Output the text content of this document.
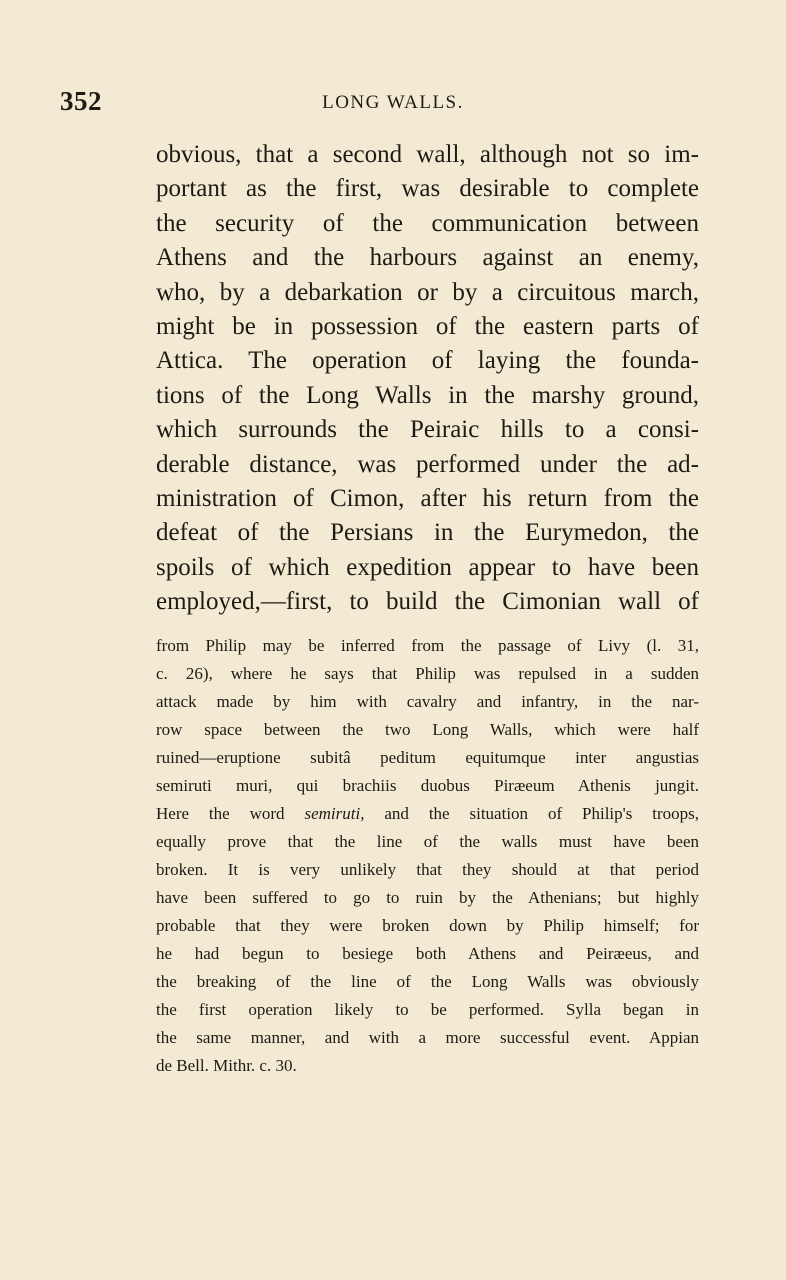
352	LONG WALLS.
obvious, that a second wall, although not so im-
portant as the first, was desirable to complete
the security of the communication between
Athens and the harbours against an enemy,
who, by a debarkation or by a circuitous march,
might be in possession of the eastern parts of
Attica. The operation of laying the founda-
tions of the Long Walls in the marshy ground,
which surrounds the Peiraic hills to a consi-
derable distance, was performed under the ad-
ministration of Cimon, after his return from the
defeat of the Persians in the Eurymedon, the
spoils of which expedition appear to have been
employed,—first, to build the Cimonian wall of
from Philip may be inferred from the passage of Livy (l. 31,
c. 26), where he says that Philip was repulsed in a sudden
attack made by him with cavalry and infantry, in the nar-
row space between the two Long Walls, which were half
ruined—eruptione subitâ peditum equitumque inter angustias
semiruti muri, qui brachiis duobus Piræeum Athenis jungit.
Here the word semiruti, and the situation of Philip's troops,
equally prove that the line of the walls must have been
broken. It is very unlikely that they should at that period
have been suffered to go to ruin by the Athenians; but highly
probable that they were broken down by Philip himself; for
he had begun to besiege both Athens and Peiræeus, and
the breaking of the line of the Long Walls was obviously
the first operation likely to be performed. Sylla began in
the same manner, and with a more successful event. Appian
de Bell. Mithr. c. 30.
